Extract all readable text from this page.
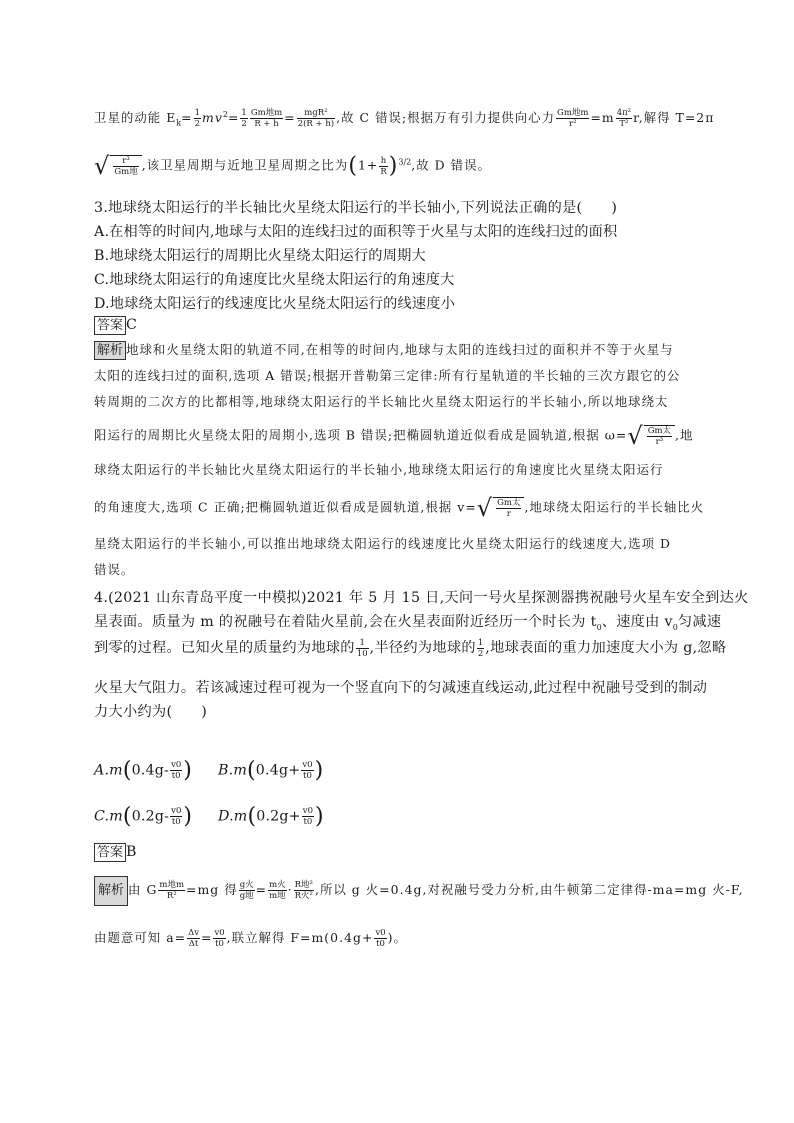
卫星的动能 $E_k= \frac{1}{2} mv^2= \frac{1}{2} \frac{\text{Gm地m}}{R + h} = \frac{\text{mgR²}}{2(R + h)}$ ,故 C 错误;根据万有引力提供向心力 $\frac{\text{Gm地m}}{\text{r²}} =m \frac{\text{4π²}}{\text{T²}} r$,解得 T=2π
√ $\frac{\text{r³}}{\text{Gm地}}$ ,该卫星周期与近地卫星周期之比为$(1+ \frac{h}{R} )^{3/2}$,故 D 错误。
3.地球绕太阳运行的半长轴比火星绕太阳运行的半长轴小,下列说法正确的是(　　)
A.在相等的时间内,地球与太阳的连线扫过的面积等于火星与太阳的连线扫过的面积
B.地球绕太阳运行的周期比火星绕太阳运行的周期大
C.地球绕太阳运行的角速度比火星绕太阳运行的角速度大
D.地球绕太阳运行的线速度比火星绕太阳运行的线速度小
答案 C
解析 地球和火星绕太阳的轨道不同,在相等的时间内,地球与太阳的连线扫过的面积并不等于火星与
太阳的连线扫过的面积,选项 A 错误;根据开普勒第三定律:所有行星轨道的半长轴的三次方跟它的公
转周期的二次方的比都相等,地球绕太阳运行的半长轴比火星绕太阳运行的半长轴小,所以地球绕太
阳运行的周期比火星绕太阳的周期小,选项 B 错误;把椭圆轨道近似看成是圆轨道,根据 $\omega=√ \frac{\text{Gm太}}{\text{r³}}$ ,地
球绕太阳运行的半长轴比火星绕太阳运行的半长轴小,地球绕太阳运行的角速度比火星绕太阳运行
的角速度大,选项 C 正确;把椭圆轨道近似看成是圆轨道,根据 $v=√ \frac{\text{Gm太}}{r}$ ,地球绕太阳运行的半长轴比火
星绕太阳运行的半长轴小,可以推出地球绕太阳运行的线速度比火星绕太阳运行的线速度大,选项 D
错误。
4.(2021 山东青岛平度一中模拟)2021 年 5 月 15 日,天问一号火星探测器携祝融号火星车安全到达火
星表面。质量为 m 的祝融号在着陆火星前,会在火星表面附近经历一个时长为 $t_0$、速度由 $v_0$匀减速
到零的过程。已知火星的质量约为地球的 $\frac{1}{10}$ ,半径约为地球的 $\frac{1}{2}$ ,地球表面的重力加速度大小为 g,忽略
火星大气阻力。若该减速过程可视为一个竖直向下的匀减速直线运动,此过程中祝融号受到的制动
力大小约为(　　)
$A.m(0.4g- \frac{v0}{t0}$ ) $B.m(0.4g+ \frac{v0}{t0}$ )
$C.m(0.2g- \frac{v0}{t0}$ ) $D.m(0.2g+ \frac{v0}{t0}$ )
答案 B
解析 由 G $\frac{\text{m地m}}{\text{R²}} =mg$ 得 $\frac{\text{g火}}{\text{g地}} = \frac{\text{m火}}{\text{m地}} \cdot \frac{\text{R地²}}{\text{R火²}}$ ,所以 g 火=0.4g,对祝融号受力分析,由牛顿第二定律得-ma=mg 火-F,
由题意可知 $a= \frac{\Delta v}{\Delta t} = \frac{v0}{t0}$ ,联立解得 $F=m(0.4g+ \frac{v0}{t0}$ )。
